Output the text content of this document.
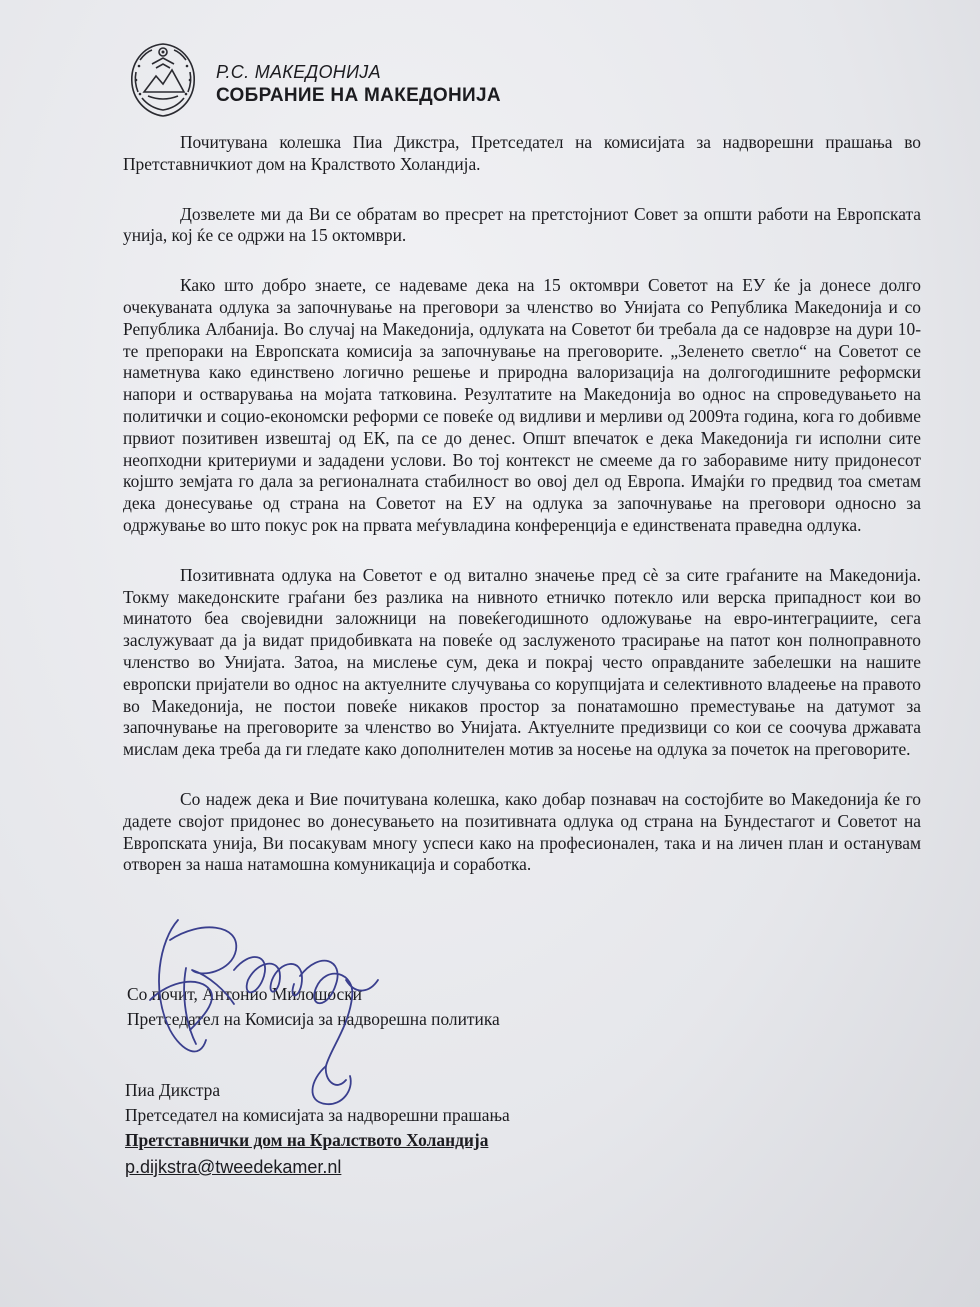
Р.С. МАКЕДОНИЈА
СОБРАНИЕ НА МАКЕДОНИЈА

Почитувана колешка Пиа Дикстра, Претседател на комисијата за надворешни прашања во Претставничкиот дом на Кралството Холандија.

Дозвелете ми да Ви се обратам во пресрет на претстојниот Совет за општи работи на Европската унија, кој ќе се одржи на 15 октомври.

Како што добро знаете, се надеваме дека на 15 октомври Советот на ЕУ ќе ја донесе долго очекуваната одлука за започнување на преговори за членство во Унијата со Република Македонија и со Република Албанија. Во случај на Македонија, одлуката на Советот би требала да се надоврзе на дури 10-те препораки на Европската комисија за започнување на преговорите. „Зеленето светло“ на Советот се наметнува како единствено логично решење и природна валоризација на долгогодишните реформски напори и остварувања на мојата татковина. Резултатите на Македонија во однос на спроведувањето на политички и социо-економски реформи се повеќе од видливи и мерливи од 2009та година, кога го добивме првиот позитивен извештај од ЕК, па се до денес. Општ впечаток е дека Македонија ги исполни сите неопходни критериуми и зададени услови. Во тој контекст не смееме да го заборавиме ниту придонесот којшто земјата го дала за регионалната стабилност во овој дел од Европа. Имајќи го предвид тоа сметам дека донесување од страна на Советот на ЕУ на одлука за започнување на преговори односно за одржување во што покус рок на првата меѓувладина конференција е единствената праведна одлука.

Позитивната одлука на Советот е од витално значење пред сѐ за сите граѓаните на Македонија. Токму македонските граѓани без разлика на нивното етничко потекло или верска припадност кои во минатото беа својевидни заложници на повеќегодишното одложување на евро-интеграциите, сега заслужуваат да ја видат придобивката на повеќе од заслуженото трасирање на патот кон полноправното членство во Унијата. Затоа, на мислење сум, дека и покрај често оправданите забелешки на нашите европски пријатели во однос на актуелните случувања со корупцијата и селективното владеење на правото во Македонија, не постои повеќе никаков простор за понатамошно преместување на датумот за започнување на преговорите за членство во Унијата. Актуелните предизвици со кои се соочува државата мислам дека треба да ги гледате како дополнителен мотив за носење на одлука за почеток на преговорите.

Со надеж дека и Вие почитувана колешка, како добар познавач на состојбите во Македонија ќе го дадете својот придонес во донесувањето на позитивната одлука од страна на Бундестагот и Советот на Европската унија, Ви посакувам многу успеси како на професионален, така и на личен план и останувам отворен за наша натамошна комуникација и соработка.

Со почит, Антонио Милошоски
Претседател на Комисија за надворешна политика
Пиа Дикстра
Претседател на комисијата за надворешни прашања
Претставнички дом на Кралството Холандија
p.dijkstra@tweedekamer.nl
